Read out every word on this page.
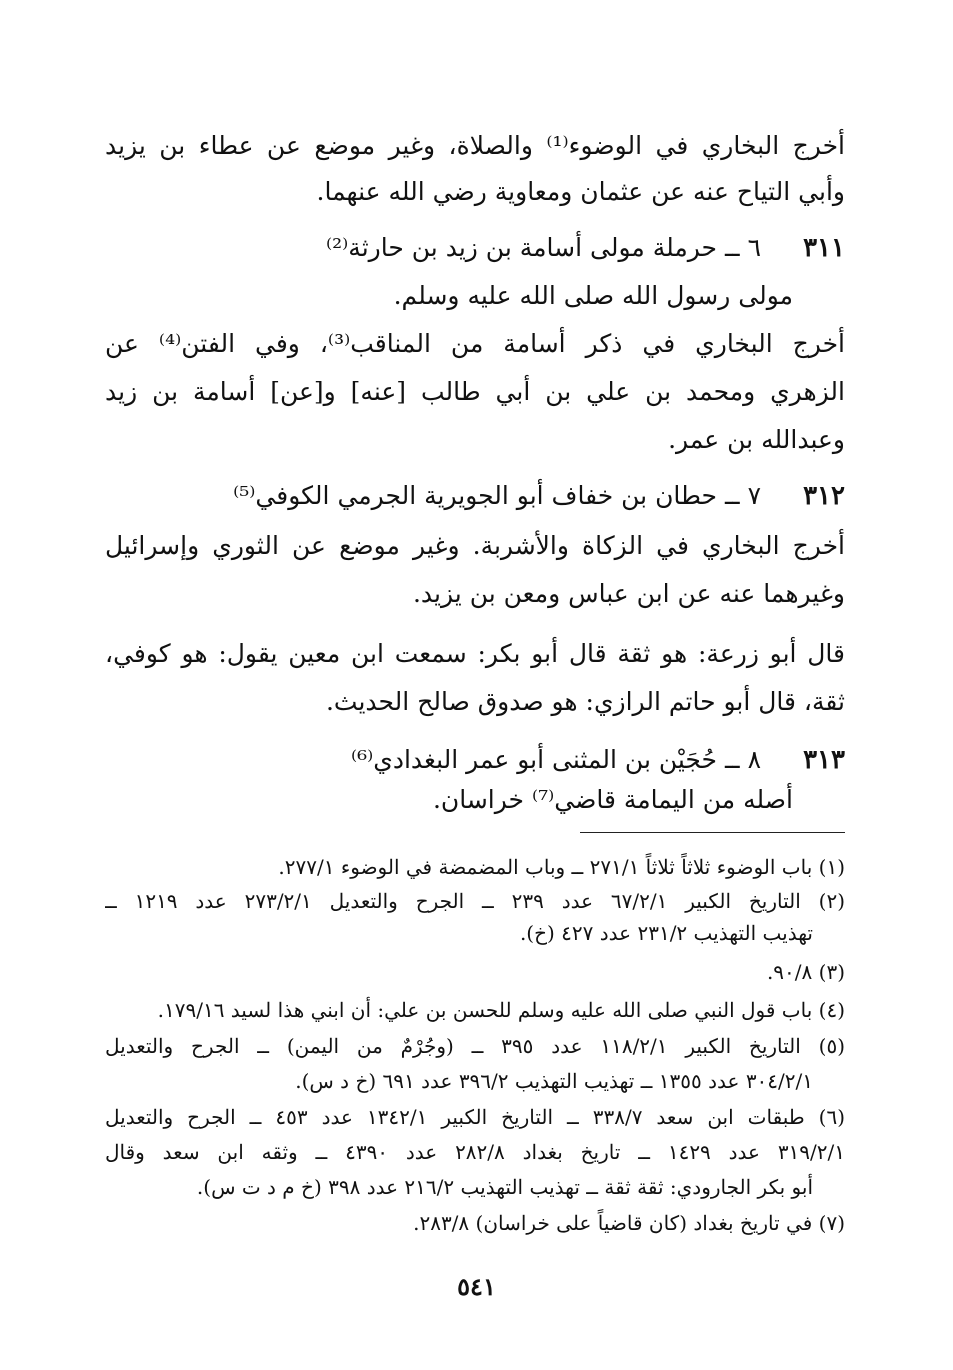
أخرج البخاري في الوضوء⁽¹⁾ والصلاة، وغير موضع عن عطاء بن يزيد
وأبي التياح عنه عن عثمان ومعاوية رضي الله عنهما.
٣١١
٦ ــ حرملة مولى أسامة بن زيد بن حارثة⁽²⁾
مولى رسول الله صلى الله عليه وسلم.
أخرج البخاري في ذكر أسامة من المناقب⁽³⁾، وفي الفتن⁽⁴⁾ عن
الزهري ومحمد بن علي بن أبي طالب [عنه] و[عن] أسامة بن زيد
وعبدالله بن عمر.
٣١٢
٧ ــ حطان بن خفاف أبو الجويرية الجرمي الكوفي⁽⁵⁾
أخرج البخاري في الزكاة والأشربة. وغير موضع عن الثوري وإسرائيل
وغيرهما عنه عن ابن عباس ومعن بن يزيد.
قال أبو زرعة: هو ثقة قال أبو بكر: سمعت ابن معين يقول: هو كوفي،
ثقة، قال أبو حاتم الرازي: هو صدوق صالح الحديث.
٣١٣
٨ ــ حُجَيْن بن المثنى أبو عمر البغدادي⁽⁶⁾
أصله من اليمامة قاضي⁽⁷⁾ خراسان.
(١) باب الوضوء ثلاثاً ثلاثاً ٢٧١/١ ــ وباب المضمضة في الوضوء ٢٧٧/١.
(٢) التاريخ الكبير ٦٧/٢/١ عدد ٢٣٩ ــ الجرح والتعديل ٢٧٣/٢/١ عدد ١٢١٩ ــ
تهذيب التهذيب ٢٣١/٢ عدد ٤٢٧ (خ).
(٣) ٩٠/٨.
(٤) باب قول النبي صلى الله عليه وسلم للحسن بن علي: أن ابني هذا لسيد ١٧٩/١٦.
(٥) التاريخ الكبير ١١٨/٢/١ عدد ٣٩٥ ــ (وجُرْمٌ من اليمن) ــ الجرح والتعديل
٣٠٤/٢/١ عدد ١٣٥٥ ــ تهذيب التهذيب ٣٩٦/٢ عدد ٦٩١ (خ د س).
(٦) طبقات ابن سعد ٣٣٨/٧ ــ التاريخ الكبير ١٣٤٢/١ عدد ٤٥٣ ــ الجرح والتعديل
٣١٩/٢/١ عدد ١٤٢٩ ــ تاريخ بغداد ٢٨٢/٨ عدد ٤٣٩٠ ــ وثقه ابن سعد وقال
أبو بكر الجارودي: ثقة ثقة ــ تهذيب التهذيب ٢١٦/٢ عدد ٣٩٨ (خ م د ت س).
(٧) في تاريخ بغداد (كان قاضياً على خراسان) ٢٨٣/٨.
٥٤١
